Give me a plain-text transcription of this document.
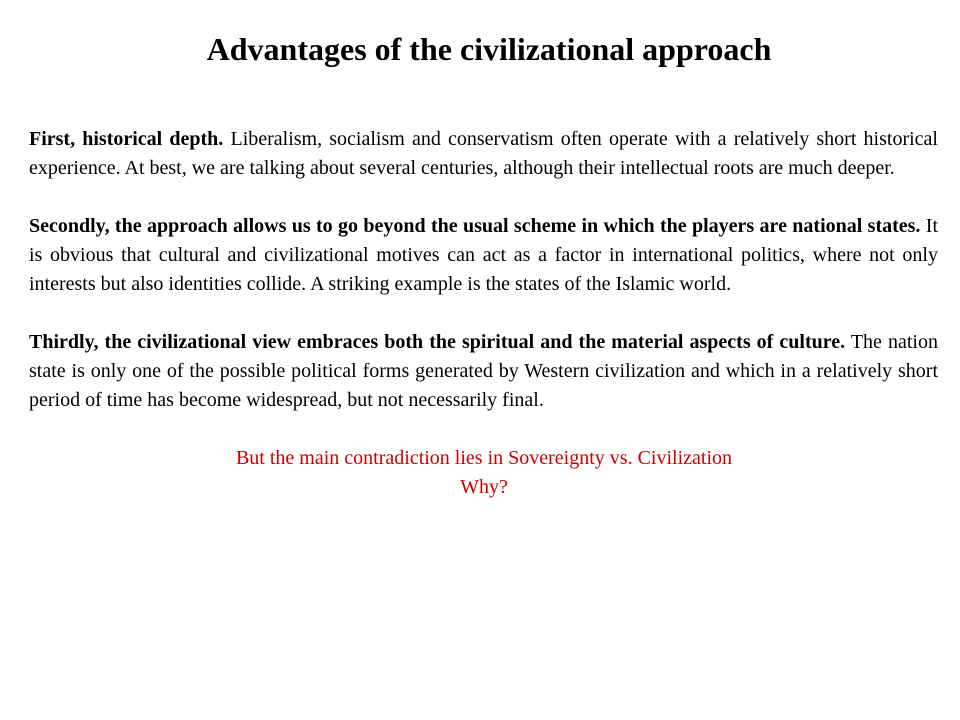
Advantages of the civilizational approach

First, historical depth. Liberalism, socialism and conservatism often operate with a relatively short historical experience. At best, we are talking about several centuries, although their intellectual roots are much deeper.

Secondly, the approach allows us to go beyond the usual scheme in which the players are national states. It is obvious that cultural and civilizational motives can act as a factor in international politics, where not only interests but also identities collide. A striking example is the states of the Islamic world.

Thirdly, the civilizational view embraces both the spiritual and the material aspects of culture. The nation state is only one of the possible political forms generated by Western civilization and which in a relatively short period of time has become widespread, but not necessarily final.

But the main contradiction lies in Sovereignty vs. Civilization
Why?
